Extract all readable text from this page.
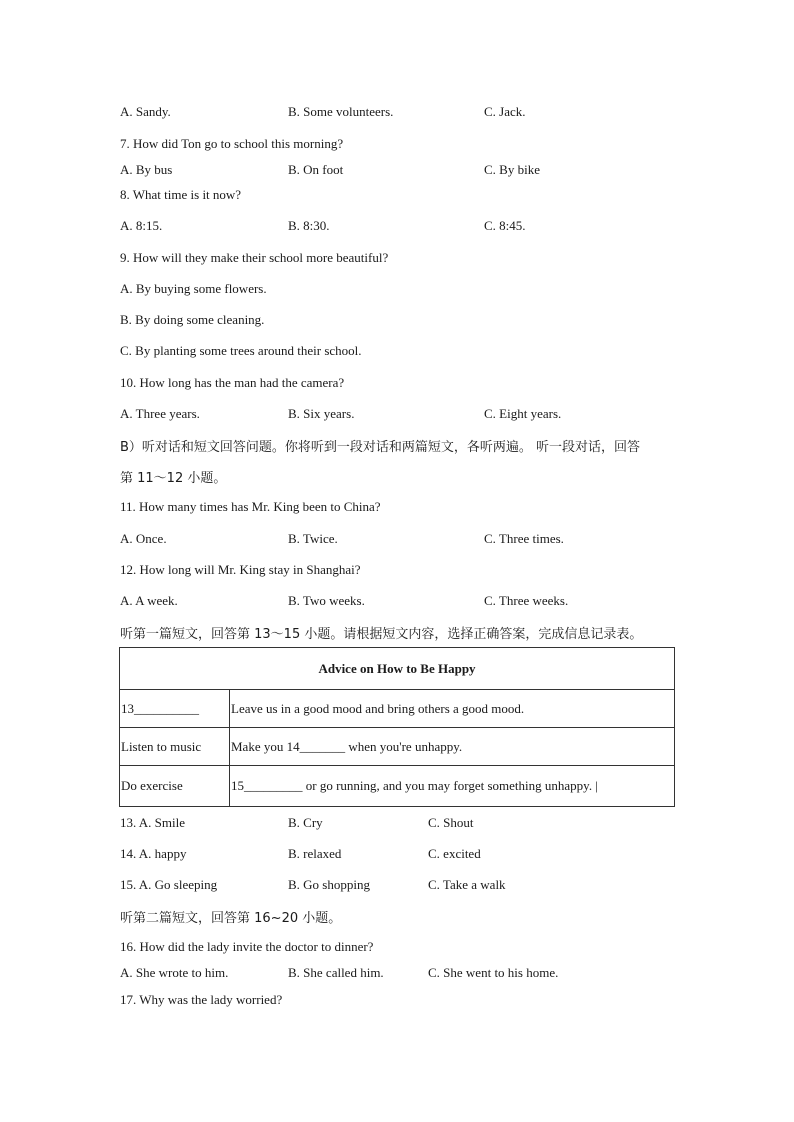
A. Sandy.	B. Some volunteers.	C. Jack.
7. How did Ton go to school this morning?
A. By bus	B. On foot	C. By bike
8. What time is it now?
A. 8:15.	B. 8:30.	C. 8:45.
9. How will they make their school more beautiful?
A. By buying some flowers.
B. By doing some cleaning.
C. By planting some trees around their school.
10. How long has the man had the camera?
A. Three years.	B. Six years.	C. Eight years.
B）听对话和短文回答问题。你将听到一段对话和两篇短文，各听两遍。 听一段对话，回答
第 11～12 小题。
11. How many times has Mr. King been to China?
A. Once.	B. Twice.	C. Three times.
12. How long will Mr. King stay in Shanghai?
A. A week.	B. Two weeks.	C. Three weeks.
听第一篇短文，回答第 13～15 小题。请根据短文内容，选择正确答案，完成信息记录表。
Advice on How to Be Happy	
13__________	Leave us in a good mood and bring others a good mood.
Listen to music	Make you 14_______ when you're unhappy.
Do exercise	15_________ or go running, and you may forget something unhappy. |
13. A. Smile	B. Cry	C. Shout
14. A. happy	B. relaxed	C. excited
15. A. Go sleeping	B. Go shopping	C. Take a walk
听第二篇短文，回答第 16~20 小题。
16. How did the lady invite the doctor to dinner?
A. She wrote to him.	B. She called him.	C. She went to his home.
17. Why was the lady worried?
